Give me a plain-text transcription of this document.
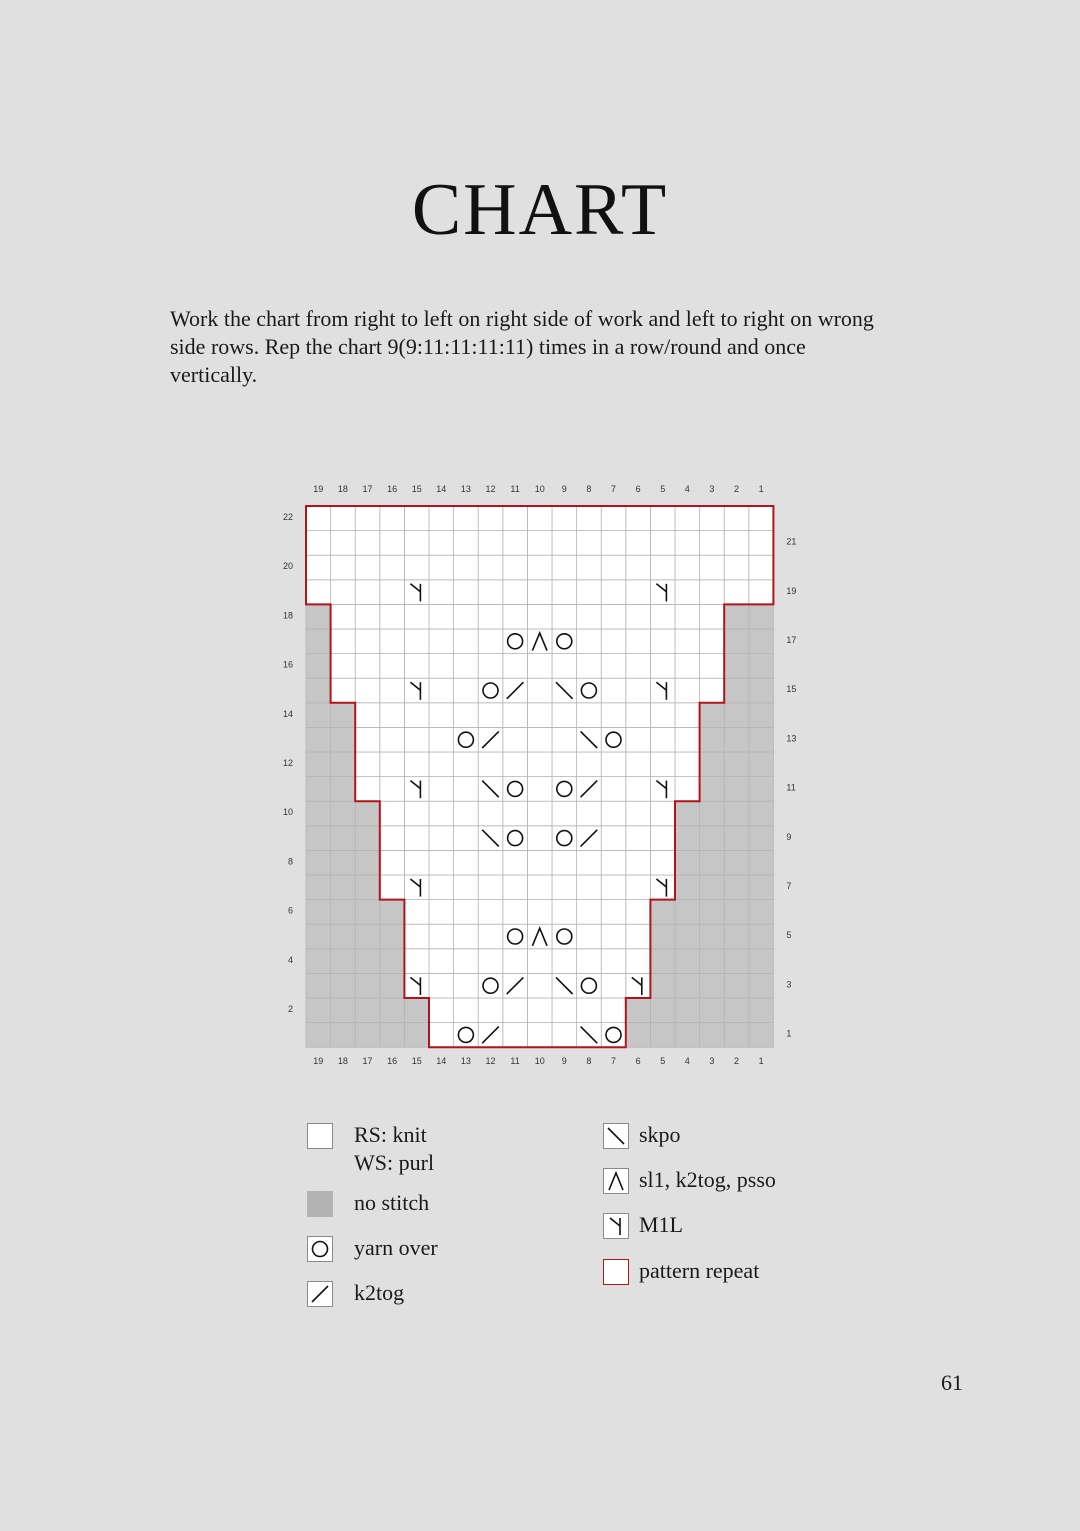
CHART

Work the chart from right to left on right side of work and left to right on wrong side rows. Rep the chart 9(9:11:11:11:11) times in a row/round and once vertically.

19
19
18
18
17
17
16
16
15
15
14
14
13
13
12
12
11
11
10
10
9
9
8
8
7
7
6
6
5
5
4
4
3
3
2
2
1
1
22
20
18
16
14
12
10
8
6
4
2
21
19
17
15
13
11
9
7
5
3
1
RS: knit
WS: purl
no stitch
yarn over
k2tog
skpo
sl1, k2tog, psso
M1L
pattern repeat
61
